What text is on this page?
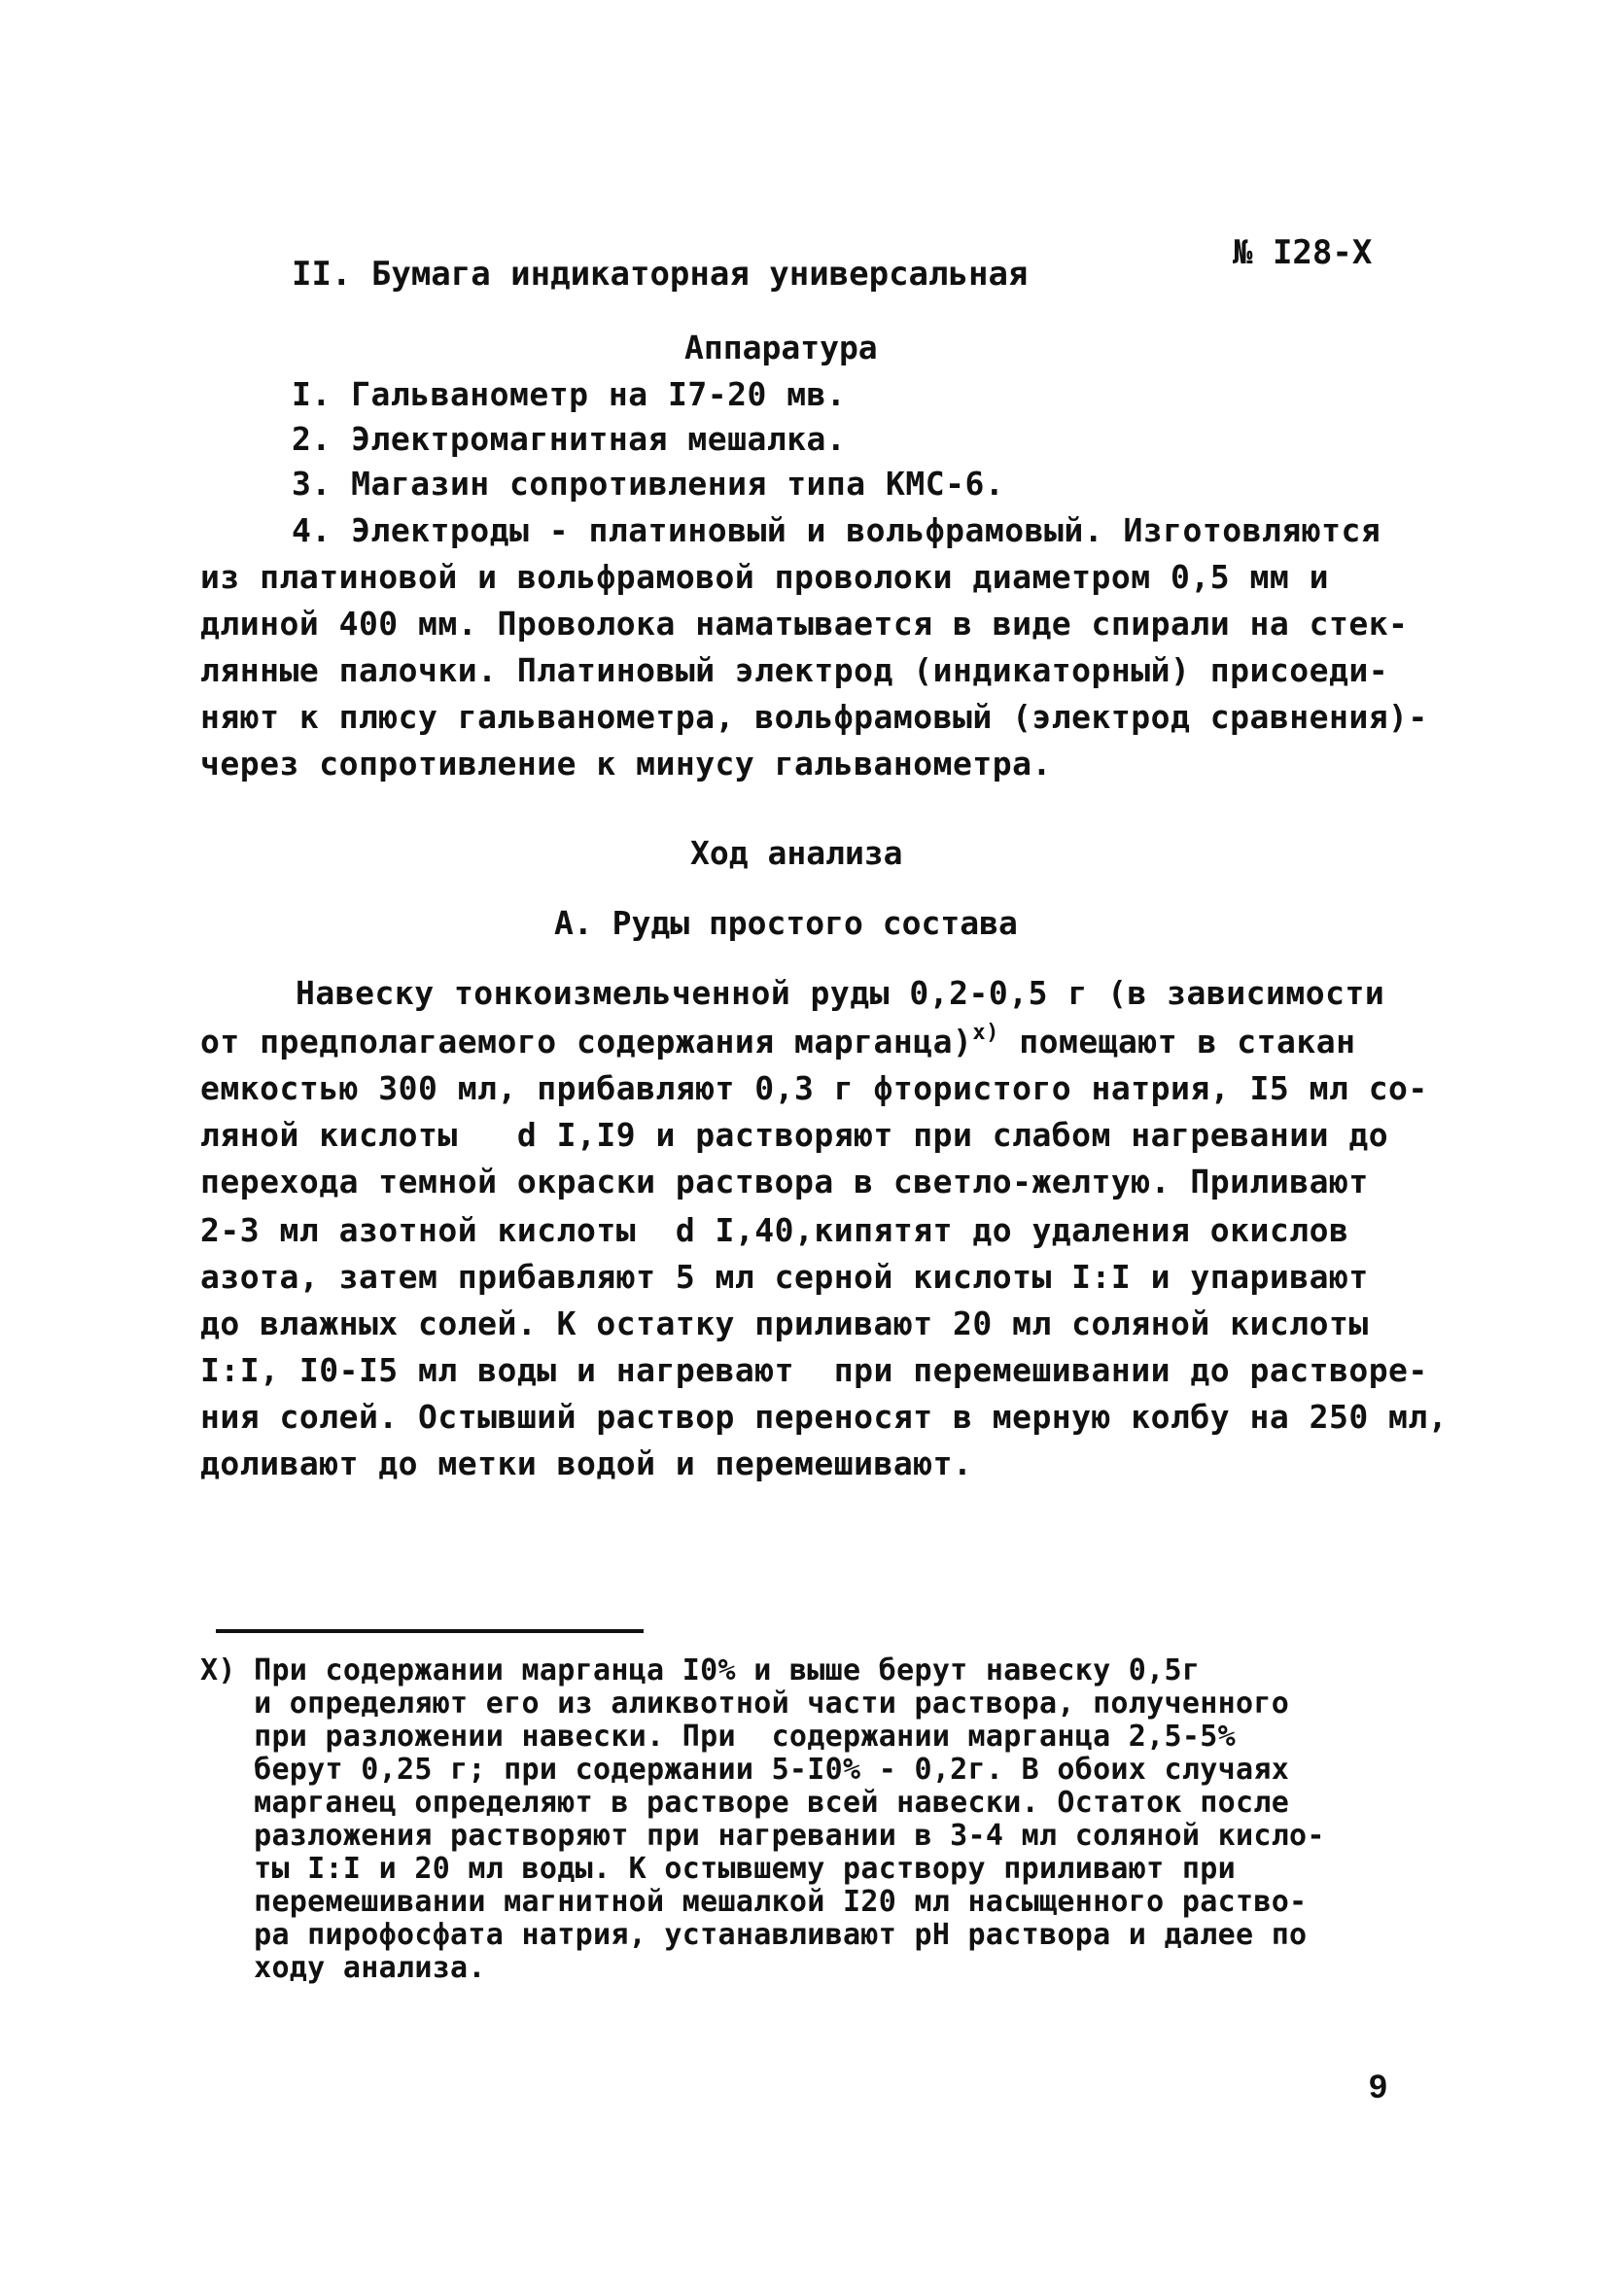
II. Бумага индикаторная универсальная
№ I28-Х
Аппаратура
I. Гальванометр на I7-20 мв.
2. Электромагнитная мешалка.
3. Магазин сопротивления типа КМС-6.
4. Электроды - платиновый и вольфрамовый. Изготовляются
из платиновой и вольфрамовой проволоки диаметром 0,5 мм и
длиной 400 мм. Проволока наматывается в виде спирали на стек-
лянные палочки. Платиновый электрод (индикаторный) присоеди-
няют к плюсу гальванометра, вольфрамовый (электрод сравнения)-
через сопротивление к минусу гальванометра.
Ход анализа
А. Руды простого состава
Навеску тонкоизмельченной руды 0,2-0,5 г (в зависимости
от предполагаемого содержания марганца)$^{х)}$ помещают в стакан
емкостью 300 мл, прибавляют 0,3 г фтористого натрия, I5 мл со-
ляной кислоты   d I,I9 и растворяют при слабом нагревании до
перехода темной окраски раствора в светло-желтую. Приливают
2-3 мл азотной кислоты  d I,40,кипятят до удаления окислов
азота, затем прибавляют 5 мл серной кислоты I:I и упаривают
до влажных солей. К остатку приливают 20 мл соляной кислоты
I:I, I0-I5 мл воды и нагревают  при перемешивании до растворе-
ния солей. Остывший раствор переносят в мерную колбу на 250 мл,
доливают до метки водой и перемешивают.
Х) При содержании марганца I0% и выше берут навеску 0,5г
и определяют его из аликвотной части раствора, полученного
при разложении навески. При  содержании марганца 2,5-5%
берут 0,25 г; при содержании 5-I0% - 0,2г. В обоих случаях
марганец определяют в растворе всей навески. Остаток после
разложения растворяют при нагревании в 3-4 мл соляной кисло-
ты I:I и 20 мл воды. К остывшему раствору приливают при
перемешивании магнитной мешалкой I20 мл насыщенного раство-
ра пирофосфата натрия, устанавливают рН раствора и далее по
ходу анализа.
9
